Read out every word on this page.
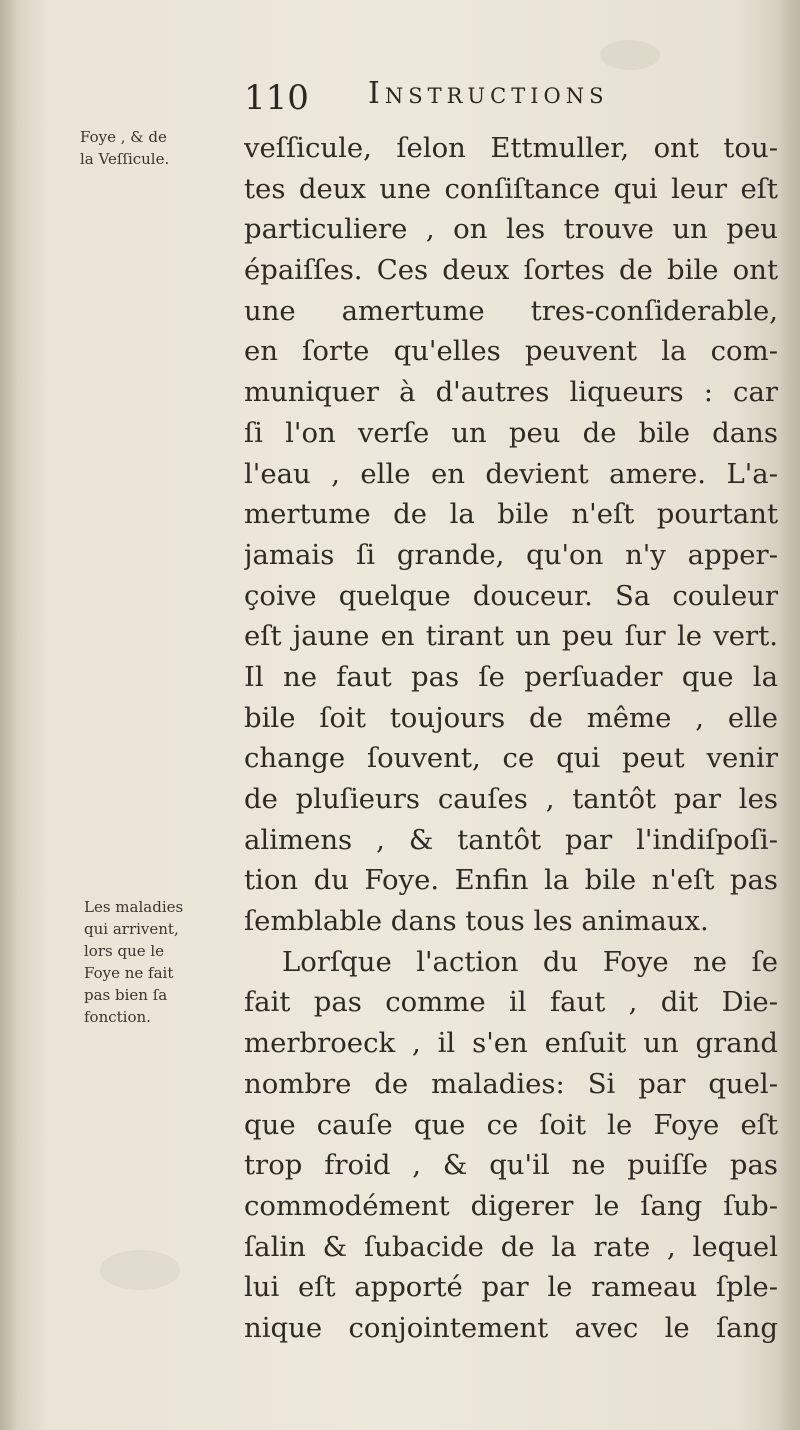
110 Instructions
Foye , & de
la Veſſicule.
Les maladies
qui arrivent,
lors que le
Foye ne fait
pas bien ſa
fonction.
veſſicule, ſelon Ettmuller, ont tou-
tes deux une conſiſtance qui leur eſt
particuliere , on les trouve un peu
épaiſſes. Ces deux ſortes de bile ont
une amertume tres-conſiderable,
en ſorte qu'elles peuvent la com-
muniquer à d'autres liqueurs : car
ſi l'on verſe un peu de bile dans
l'eau , elle en devient amere. L'a-
mertume de la bile n'eſt pourtant
jamais ſi grande, qu'on n'y apper-
çoive quelque douceur. Sa couleur
eſt jaune en tirant un peu ſur le vert.
Il ne faut pas ſe perſuader que la
bile ſoit toujours de même , elle
change ſouvent, ce qui peut venir
de pluſieurs cauſes , tantôt par les
alimens , & tantôt par l'indiſpoſi-
tion du Foye. Enfin la bile n'eſt pas
ſemblable dans tous les animaux.
Lorſque l'action du Foye ne ſe
fait pas comme il faut , dit Die-
merbroeck , il s'en enſuit un grand
nombre de maladies: Si par quel-
que cauſe que ce ſoit le Foye eſt
trop froid , & qu'il ne puiſſe pas
commodément digerer le ſang ſub-
ſalin & ſubacide de la rate , lequel
lui eſt apporté par le rameau ſple-
nique conjointement avec le ſang
